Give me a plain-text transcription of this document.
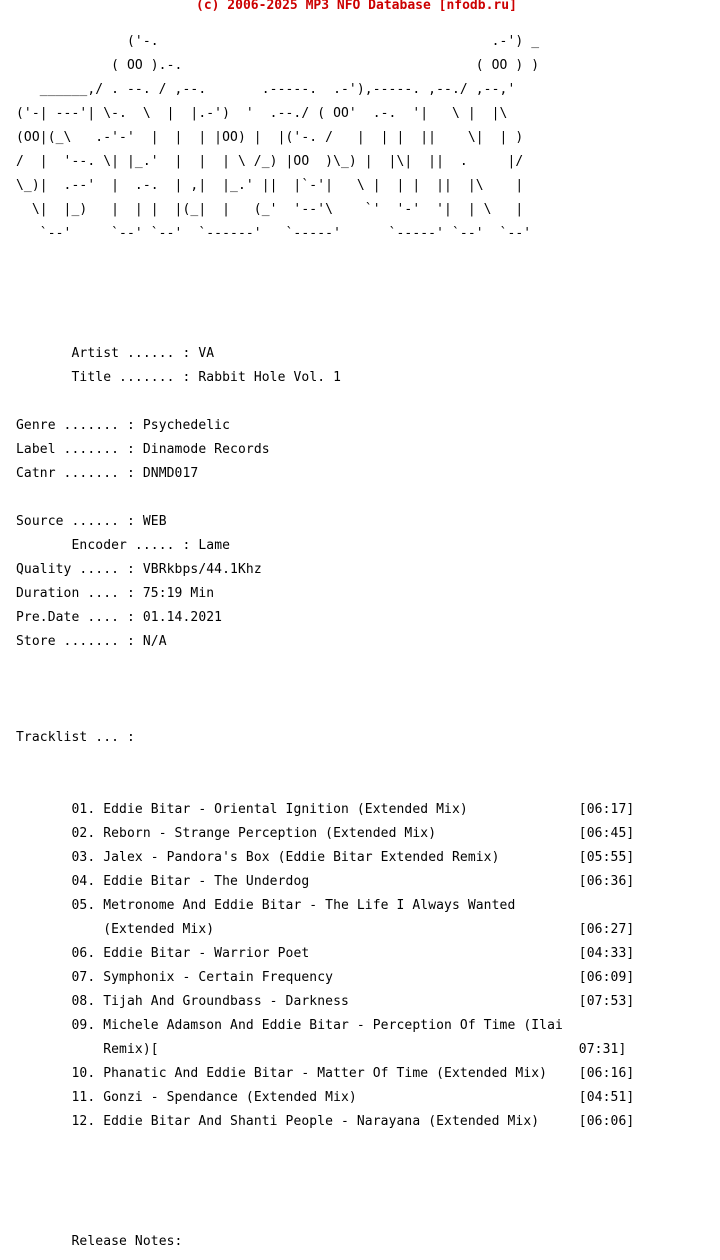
(c) 2006-2025 MP3 NFO Database [nfodb.ru]

('-.                                          .-') _

( OO ).-.                                     ( OO ) )

______,/ . --. / ,--.       .-----.  .-'),-----. ,--./ ,--,'

('-| ---'| \-.  \  |  |.-')  '  .--./ ( OO'  .-.  '|   \ |  |\

(OO|(_\   .-'-'  |  |  | |OO) |  |('-. /   |  | |  ||    \|  | )

/  |  '--. \| |_.'  |  |  | \ /_) |OO  )\_) |  |\|  ||  .     |/

\_)|  .--'  |  .-.  | ,|  |_.' ||  |`-'|   \ |  | |  ||  |\    |

\|  |_)   |  | |  |(_|  |   (_'  '--'\    `'  '-'  '|  | \   |

`--'     `--' `--'  `------'   `-----'      `-----' `--'  `--'

Artist ...... : VA

Title ....... : Rabbit Hole Vol. 1

Genre ....... : Psychedelic

Label ....... : Dinamode Records

Catnr ....... : DNMD017

Source ...... : WEB

Encoder ..... : Lame

Quality ..... : VBRkbps/44.1Khz

Duration .... : 75:19 Min

Pre.Date .... : 01.14.2021

Store ....... : N/A

Tracklist ... :

01. Eddie Bitar - Oriental Ignition (Extended Mix)              [06:17]

02. Reborn - Strange Perception (Extended Mix)                  [06:45]

03. Jalex - Pandora's Box (Eddie Bitar Extended Remix)          [05:55]

04. Eddie Bitar - The Underdog                                  [06:36]

05. Metronome And Eddie Bitar - The Life I Always Wanted

(Extended Mix)                                              [06:27]

06. Eddie Bitar - Warrior Poet                                  [04:33]

07. Symphonix - Certain Frequency                               [06:09]

08. Tijah And Groundbass - Darkness                             [07:53]

09. Michele Adamson And Eddie Bitar - Perception Of Time (Ilai

Remix)[                                                     07:31]

10. Phanatic And Eddie Bitar - Matter Of Time (Extended Mix)    [06:16]

11. Gonzi - Spendance (Extended Mix)                            [04:51]

12. Eddie Bitar And Shanti People - Narayana (Extended Mix)     [06:06]

Release Notes:
